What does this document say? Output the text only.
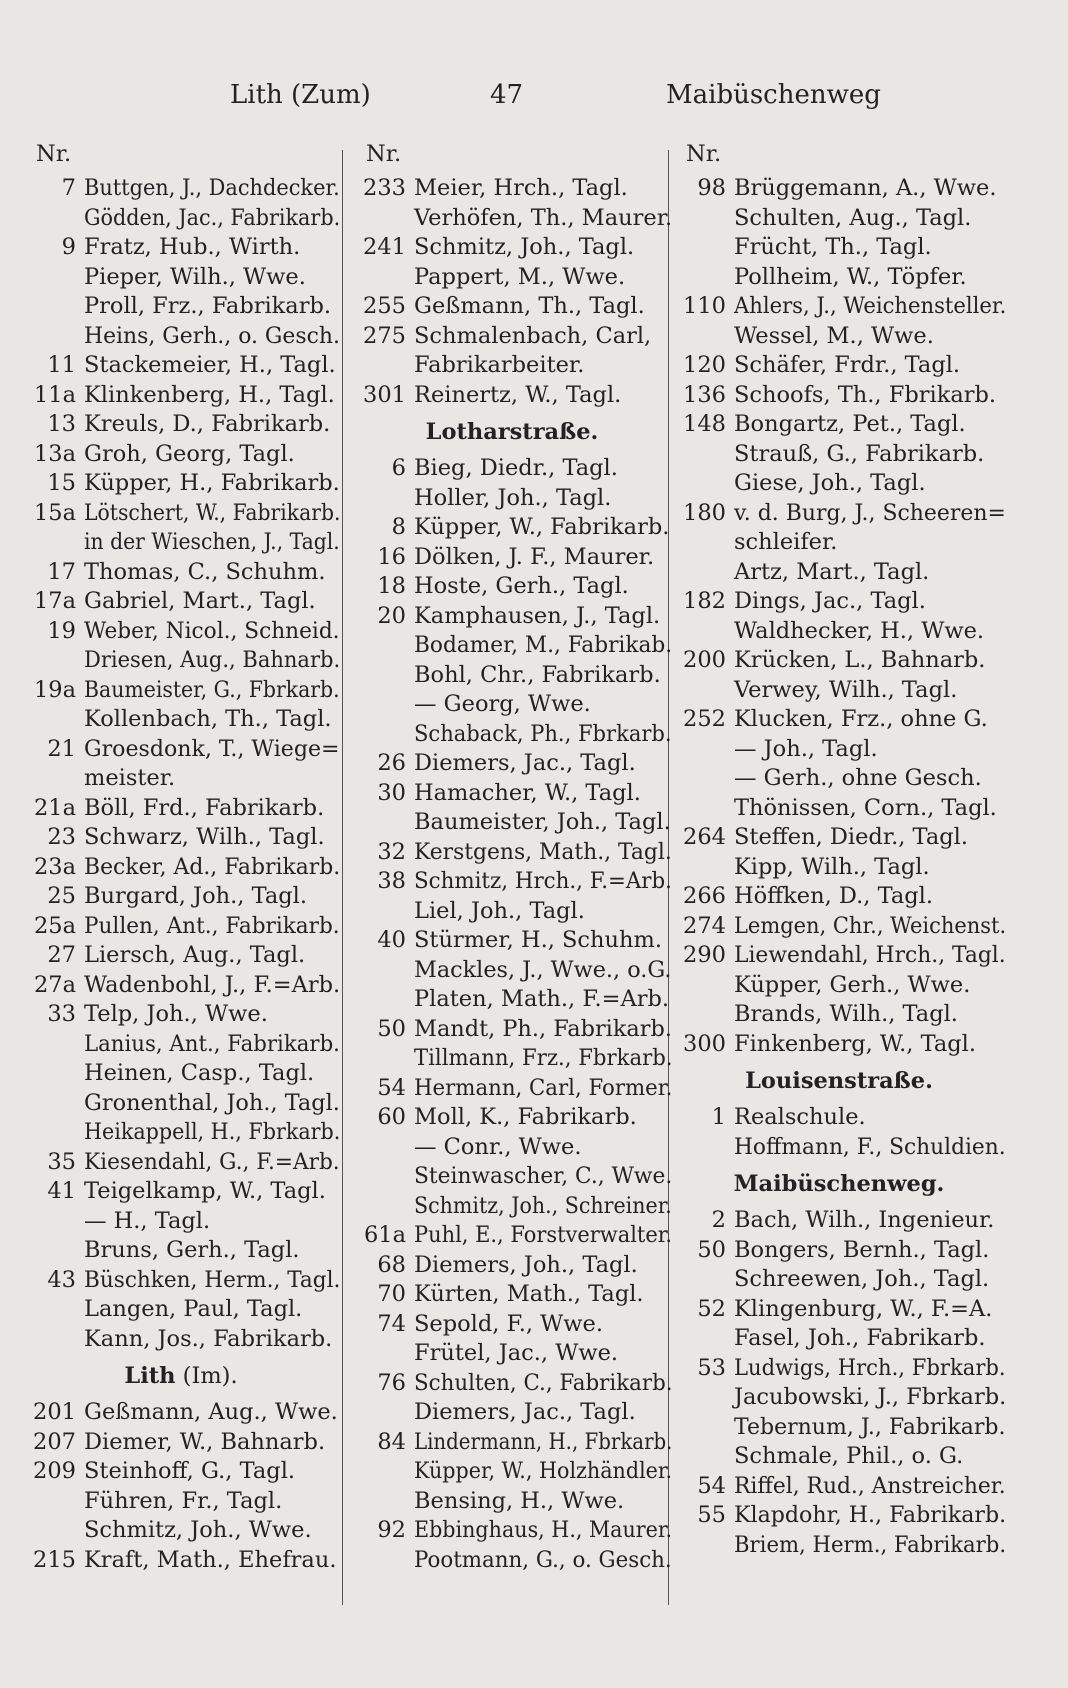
Lith (Zum)	47	Maibüschenweg
Nr.
7 Buttgen, J., Dachdecker.
Gödden, Jac., Fabrikarb.
9 Fratz, Hub., Wirth.
Pieper, Wilh., Wwe.
Proll, Frz., Fabrikarb.
Heins, Gerh., o. Gesch.
11 Stackemeier, H., Tagl.
11a Klinkenberg, H., Tagl.
13 Kreuls, D., Fabrikarb.
13a Groh, Georg, Tagl.
15 Küpper, H., Fabrikarb.
15a Lötschert, W., Fabrikarb.
in der Wieschen, J., Tagl.
17 Thomas, C., Schuhm.
17a Gabriel, Mart., Tagl.
19 Weber, Nicol., Schneid.
Driesen, Aug., Bahnarb.
19a Baumeister, G., Fbrkarb.
Kollenbach, Th., Tagl.
21 Groesdonk, T., Wiege=
meister.
21a Böll, Frd., Fabrikarb.
23 Schwarz, Wilh., Tagl.
23a Becker, Ad., Fabrikarb.
25 Burgard, Joh., Tagl.
25a Pullen, Ant., Fabrikarb.
27 Liersch, Aug., Tagl.
27a Wadenbohl, J., F.=Arb.
33 Telp, Joh., Wwe.
Lanius, Ant., Fabrikarb.
Heinen, Casp., Tagl.
Gronenthal, Joh., Tagl.
Heikappell, H., Fbrkarb.
35 Kiesendahl, G., F.=Arb.
41 Teigelkamp, W., Tagl.
— H., Tagl.
Bruns, Gerh., Tagl.
43 Büschken, Herm., Tagl.
Langen, Paul, Tagl.
Kann, Jos., Fabrikarb.
Lith (Im).
201 Geßmann, Aug., Wwe.
207 Diemer, W., Bahnarb.
209 Steinhoff, G., Tagl.
Führen, Fr., Tagl.
Schmitz, Joh., Wwe.
215 Kraft, Math., Ehefrau.
Nr.
233 Meier, Hrch., Tagl.
Verhöfen, Th., Maurer.
241 Schmitz, Joh., Tagl.
Pappert, M., Wwe.
255 Geßmann, Th., Tagl.
275 Schmalenbach, Carl,
Fabrikarbeiter.
301 Reinertz, W., Tagl.
Lotharstraße.
6 Bieg, Diedr., Tagl.
Holler, Joh., Tagl.
8 Küpper, W., Fabrikarb.
16 Dölken, J. F., Maurer.
18 Hoste, Gerh., Tagl.
20 Kamphausen, J., Tagl.
Bodamer, M., Fabrikab.
Bohl, Chr., Fabrikarb.
— Georg, Wwe.
Schaback, Ph., Fbrkarb.
26 Diemers, Jac., Tagl.
30 Hamacher, W., Tagl.
Baumeister, Joh., Tagl.
32 Kerstgens, Math., Tagl.
38 Schmitz, Hrch., F.=Arb.
Liel, Joh., Tagl.
40 Stürmer, H., Schuhm.
Mackles, J., Wwe., o.G.
Platen, Math., F.=Arb.
50 Mandt, Ph., Fabrikarb.
Tillmann, Frz., Fbrkarb.
54 Hermann, Carl, Former.
60 Moll, K., Fabrikarb.
— Conr., Wwe.
Steinwascher, C., Wwe.
Schmitz, Joh., Schreiner.
61a Puhl, E., Forstverwalter.
68 Diemers, Joh., Tagl.
70 Kürten, Math., Tagl.
74 Sepold, F., Wwe.
Frütel, Jac., Wwe.
76 Schulten, C., Fabrikarb.
Diemers, Jac., Tagl.
84 Lindermann, H., Fbrkarb.
Küpper, W., Holzhändler.
Bensing, H., Wwe.
92 Ebbinghaus, H., Maurer.
Pootmann, G., o. Gesch.
Nr.
98 Brüggemann, A., Wwe.
Schulten, Aug., Tagl.
Frücht, Th., Tagl.
Pollheim, W., Töpfer.
110 Ahlers, J., Weichensteller.
Wessel, M., Wwe.
120 Schäfer, Frdr., Tagl.
136 Schoofs, Th., Fbrikarb.
148 Bongartz, Pet., Tagl.
Strauß, G., Fabrikarb.
Giese, Joh., Tagl.
180 v. d. Burg, J., Scheeren=
schleifer.
Artz, Mart., Tagl.
182 Dings, Jac., Tagl.
Waldhecker, H., Wwe.
200 Krücken, L., Bahnarb.
Verwey, Wilh., Tagl.
252 Klucken, Frz., ohne G.
— Joh., Tagl.
— Gerh., ohne Gesch.
Thönissen, Corn., Tagl.
264 Steffen, Diedr., Tagl.
Kipp, Wilh., Tagl.
266 Höffken, D., Tagl.
274 Lemgen, Chr., Weichenst.
290 Liewendahl, Hrch., Tagl.
Küpper, Gerh., Wwe.
Brands, Wilh., Tagl.
300 Finkenberg, W., Tagl.
Louisenstraße.
1 Realschule.
Hoffmann, F., Schuldien.
Maibüschenweg.
2 Bach, Wilh., Ingenieur.
50 Bongers, Bernh., Tagl.
Schreewen, Joh., Tagl.
52 Klingenburg, W., F.=A.
Fasel, Joh., Fabrikarb.
53 Ludwigs, Hrch., Fbrkarb.
Jacubowski, J., Fbrkarb.
Tebernum, J., Fabrikarb.
Schmale, Phil., o. G.
54 Riffel, Rud., Anstreicher.
55 Klapdohr, H., Fabrikarb.
Briem, Herm., Fabrikarb.
